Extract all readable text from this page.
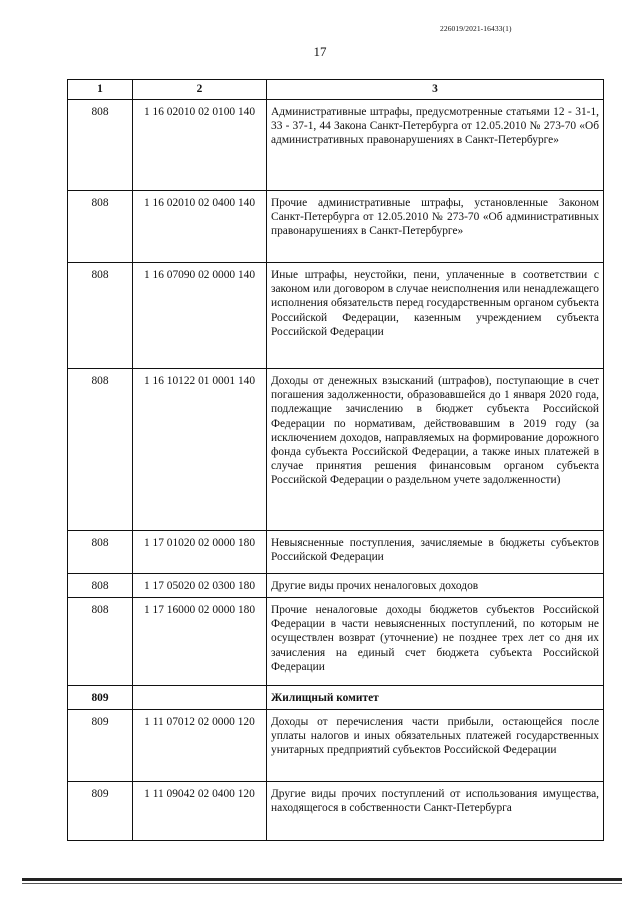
226019/2021-16433(1)
17
1	2	3
808	1 16 02010 02 0100 140	Административные штрафы, предусмотренные статьями 12 - 31-1, 33 - 37-1, 44 Закона Санкт-Петербурга от 12.05.2010 № 273-70 «Об административных правонарушениях в Санкт-Петербурге»
808	1 16 02010 02 0400 140	Прочие административные штрафы, установленные Законом Санкт-Петербурга от 12.05.2010 № 273-70 «Об административных правонарушениях в Санкт-Петербурге»
808	1 16 07090 02 0000 140	Иные штрафы, неустойки, пени, уплаченные в соответствии с законом или договором в случае неисполнения или ненадлежащего исполнения обязательств перед государственным органом субъекта Российской Федерации, казенным учреждением субъекта Российской Федерации
808	1 16 10122 01 0001 140	Доходы от денежных взысканий (штрафов), поступающие в счет погашения задолженности, образовавшейся до 1 января 2020 года, подлежащие зачислению в бюджет субъекта Российской Федерации по нормативам, действовавшим в 2019 году (за исключением доходов, направляемых на формирование дорожного фонда субъекта Российской Федерации, а также иных платежей в случае принятия решения финансовым органом субъекта Российской Федерации о раздельном учете задолженности)
808	1 17 01020 02 0000 180	Невыясненные поступления, зачисляемые в бюджеты субъектов Российской Федерации
808	1 17 05020 02 0300 180	Другие виды прочих неналоговых доходов
808	1 17 16000 02 0000 180	Прочие неналоговые доходы бюджетов субъектов Российской Федерации в части невыясненных поступлений, по которым не осуществлен возврат (уточнение) не позднее трех лет со дня их зачисления на единый счет бюджета субъекта Российской Федерации
809		Жилищный комитет
809	1 11 07012 02 0000 120	Доходы от перечисления части прибыли, остающейся после уплаты налогов и иных обязательных платежей государственных унитарных предприятий субъектов Российской Федерации
809	1 11 09042 02 0400 120	Другие виды прочих поступлений от использования имущества, находящегося в собственности Санкт-Петербурга
